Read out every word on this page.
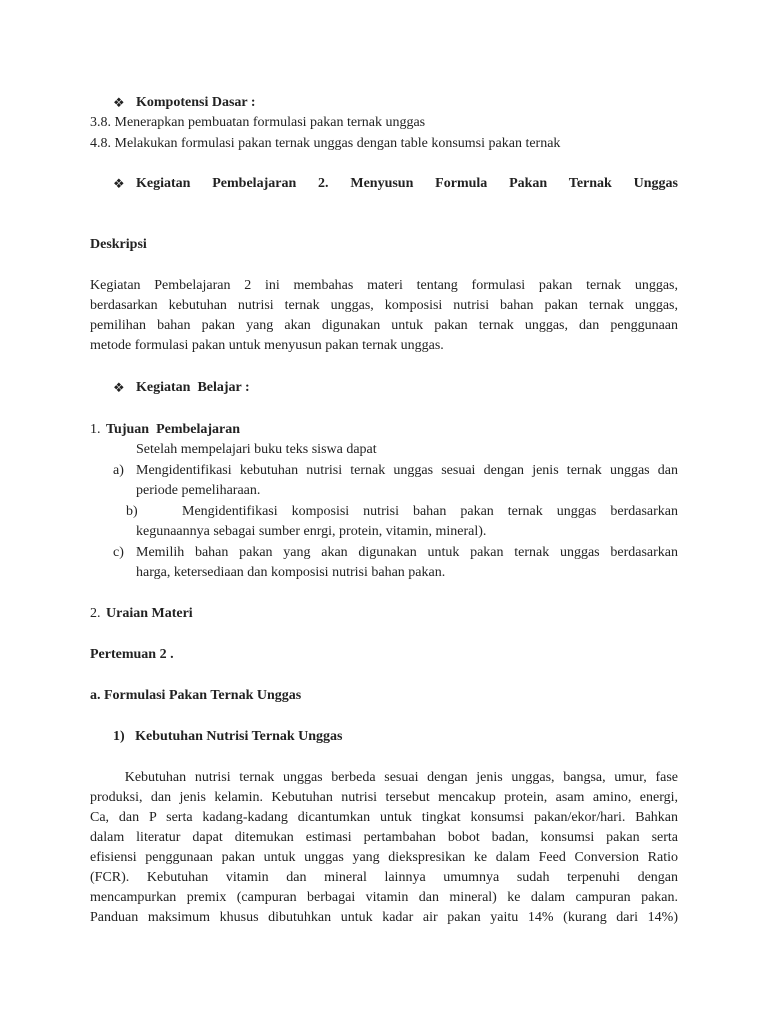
❖ Kompotensi Dasar :
3.8. Menerapkan pembuatan formulasi pakan ternak unggas
4.8. Melakukan formulasi pakan ternak unggas dengan table konsumsi pakan ternak
❖ Kegiatan Pembelajaran 2. Menyusun Formula Pakan Ternak Unggas
Deskripsi
Kegiatan Pembelajaran 2 ini membahas materi tentang formulasi pakan ternak unggas,
berdasarkan kebutuhan nutrisi ternak unggas, komposisi nutrisi bahan pakan ternak unggas,
pemilihan bahan pakan yang akan digunakan untuk pakan ternak unggas, dan penggunaan
metode formulasi pakan untuk menyusun pakan ternak unggas.
❖ Kegiatan  Belajar :
1. Tujuan  Pembelajaran
Setelah mempelajari buku teks siswa dapat
a) Mengidentifikasi kebutuhan nutrisi ternak unggas sesuai dengan jenis ternak unggas dan
periode pemeliharaan.
b)	Mengidentifikasi komposisi nutrisi bahan pakan ternak unggas berdasarkan
kegunaannya sebagai sumber enrgi, protein, vitamin, mineral).
c) Memilih bahan pakan yang akan digunakan untuk pakan ternak unggas berdasarkan
harga, ketersediaan dan komposisi nutrisi bahan pakan.
2. Uraian Materi
Pertemuan 2 .
a. Formulasi Pakan Ternak Unggas
1)   Kebutuhan Nutrisi Ternak Unggas
Kebutuhan nutrisi ternak unggas berbeda sesuai dengan jenis unggas, bangsa, umur, fase
produksi, dan jenis kelamin. Kebutuhan nutrisi tersebut mencakup protein, asam amino, energi,
Ca, dan P serta kadang-kadang dicantumkan untuk tingkat konsumsi pakan/ekor/hari. Bahkan
dalam literatur dapat ditemukan estimasi pertambahan bobot badan, konsumsi pakan serta
efisiensi penggunaan pakan untuk unggas yang diekspresikan ke dalam Feed Conversion Ratio
(FCR). Kebutuhan vitamin dan mineral lainnya umumnya sudah terpenuhi dengan
mencampurkan premix (campuran berbagai vitamin dan mineral) ke dalam campuran pakan.
Panduan maksimum khusus dibutuhkan untuk kadar air pakan yaitu 14% (kurang dari 14%)
